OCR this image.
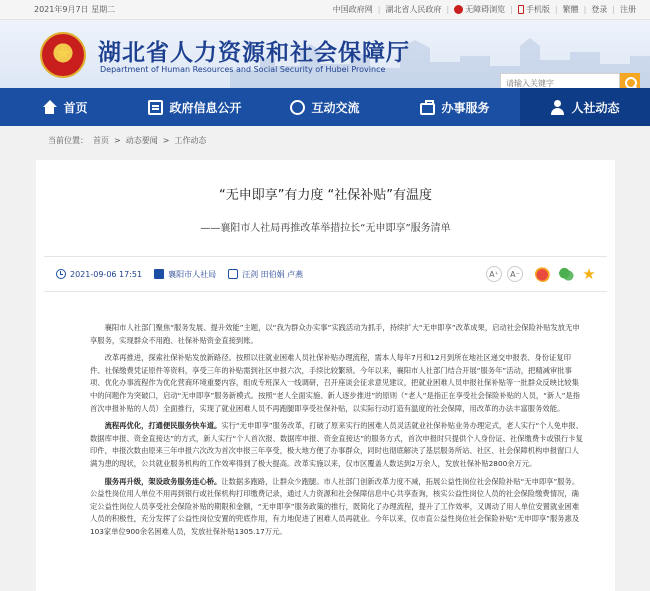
2021年9月7日 星期二	中国政府网 | 湖北省人民政府 |	无障碍浏览 |	手机版 | 繁體 | 登录 | 注册
★
湖北省人力资源和社会保障厅
Department of Human Resources and Social Security of Hubei Province
请输入关键字
首页	政府信息公开	互动交流	办事服务	人社动态
当前位置： 首页 > 动态要闻 > 工作动态
“无申即享”有力度 “社保补贴”有温度
——襄阳市人社局再推改革举措拉长“无申即享”服务清单
2021-09-06 17:51	襄阳市人社局	汪剑 田伯娟 卢燕	A⁺	A⁻	★

襄阳市人社部门聚焦“服务发展、提升效能”主题，以“我为群众办实事”实践活动为抓手，持续扩大“无申即享”改革成果，启动社会保险补贴发放无申享服务，实现群众不用跑、社保补贴资金直接到账。

改革再推进，探索社保补贴发放新路径。按照以往就业困难人员社保补贴办理流程，需本人每年7月和12月到所在地社区递交申报表、身份证复印件、社保缴费凭证原件等资料，享受三年的补贴需到社区申报六次，手续比较繁琐。今年以来，襄阳市人社部门结合开展“服务年”活动，把精减审批事项、优化办事流程作为优化营商环境重要内容，组成专班深入一线调研，召开座谈会征求意见建议，把就业困难人员申报社保补贴等一批群众反映比较集中的问题作为突破口，启动“无申即享”服务新模式。按照“老人全面实施、新人逐步推进”的原则（“老人”是指正在享受社会保险补贴的人员，“新人”是指首次申报补贴的人员）全面推行，实现了就业困难人员不再跑腿即享受社保补贴，以实际行动打造有温度的社会保障，用改革的办法丰富服务效能。

流程再优化，打通便民服务快车道。实行“无申即享”服务改革，打破了原来实行的困难人员灵活就业社保补贴业务办理定式，老人实行“个人免申报、数据库申报、资金直接达”的方式，新人实行“个人首次报、数据库申报、资金直接达”的服务方式，首次申报时只提供个人身份证、社保缴费卡或银行卡复印件，申报次数由原来三年申报六次改为首次申报三年享受，极大地方便了办事群众，同时也彻底解决了基层服务所站、社区、社会保障机构申报窗口人满为患的现状，公共就业服务机构的工作效率得到了极大提高。改革实施以来，仅市区覆盖人数达到2万余人，发放社保补贴2800余万元。

服务再升级，架设政务服务连心桥。让数据多跑路，让群众少跑腿。市人社部门创新改革力度不减，拓展公益性岗位社会保险补贴“无申即享”服务。公益性岗位用人单位不用再到银行或社保机构打印缴费记录，通过人力资源和社会保障信息中心共享查询，核实公益性岗位人员的社会保险缴费情况，确定公益性岗位人员享受社会保险补贴的期限和金额，“无申即享”服务政策的推行，既简化了办理流程，提升了工作效率，又调动了用人单位安置就业困难人员的积极性，充分发挥了公益性岗位安置的兜底作用，有力地促进了困难人员再就业。今年以来，仅市直公益性岗位社会保险补贴“无申即享”服务惠及103家单位900余名困难人员，发放社保补贴1305.17万元。
